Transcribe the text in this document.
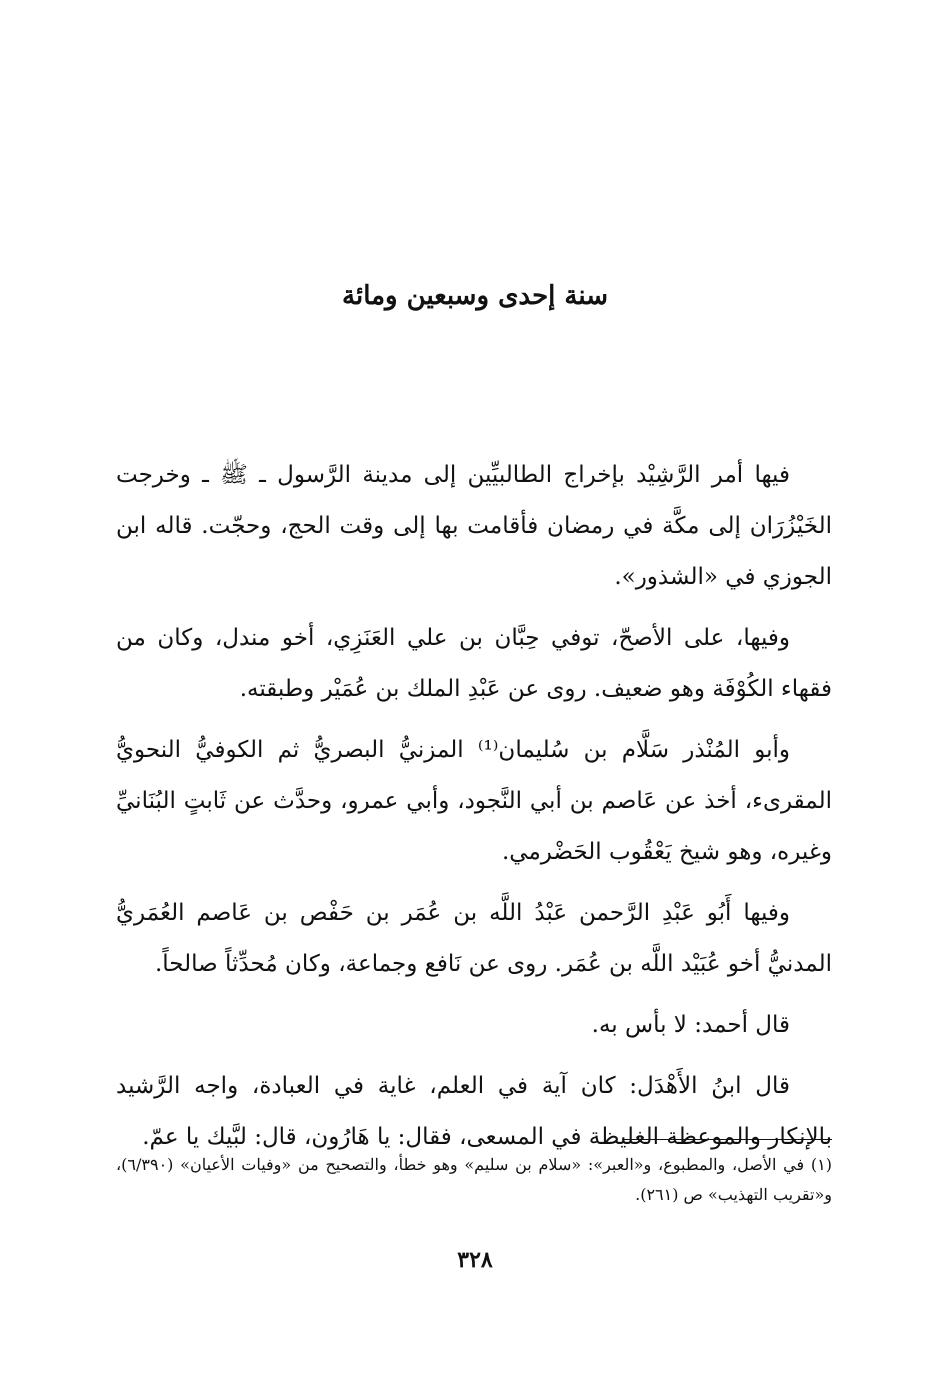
سنة إحدى وسبعين ومائة

فيها أمر الرَّشِيْد بإخراج الطالبيِّين إلى مدينة الرَّسول ـ ﷺ ـ وخرجت الخَيْزُرَان إلى مكَّة في رمضان فأقامت بها إلى وقت الحج، وحجّت. قاله ابن الجوزي في «الشذور».

وفيها، على الأصحّ، توفي حِبَّان بن علي العَنَزِي، أخو مندل، وكان من فقهاء الكُوْفَة وهو ضعيف. روى عن عَبْدِ الملك بن عُمَيْر وطبقته.

وأبو المُنْذر سَلَّام بن سُليمان⁽¹⁾ المزنيُّ البصريُّ ثم الكوفيُّ النحويُّ المقرىء، أخذ عن عَاصم بن أبي النَّجود، وأبي عمرو، وحدَّث عن ثَابتٍ البُنَانيِّ وغيره، وهو شيخ يَعْقُوب الحَضْرمي.

وفيها أَبُو عَبْدِ الرَّحمن عَبْدُ اللَّه بن عُمَر بن حَفْص بن عَاصم العُمَريُّ المدنيُّ أخو عُبَيْد اللَّه بن عُمَر. روى عن نَافع وجماعة، وكان مُحدِّثاً صالحاً.

قال أحمد: لا بأس به.

قال ابنُ الأَهْدَل: كان آية في العلم، غاية في العبادة، واجه الرَّشيد بالإنكار والموعظة الغليظة في المسعى، فقال: يا هَارُون، قال: لبَّيك يا عمّ.

(١) في الأصل، والمطبوع، و«العبر»: «سلام بن سليم» وهو خطأ، والتصحيح من «وفيات الأعيان» (٦/٣٩٠)، و«تقريب التهذيب» ص (٢٦١).

٣٢٨
